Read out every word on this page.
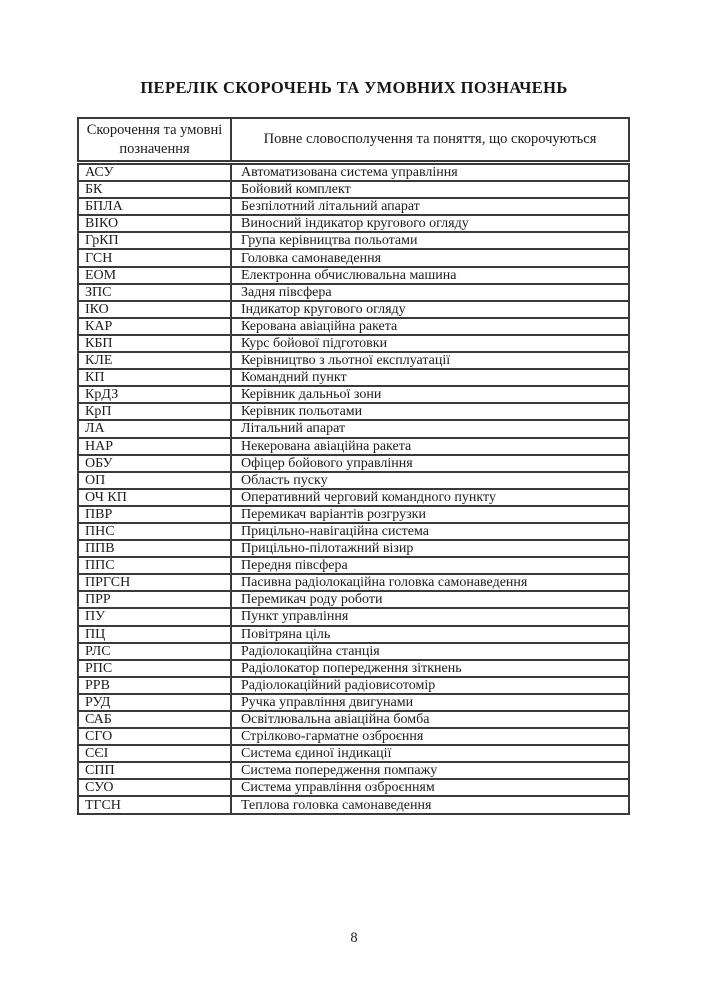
ПЕРЕЛІК СКОРОЧЕНЬ ТА УМОВНИХ ПОЗНАЧЕНЬ
Скорочення та умовні позначення	Повне словосполучення та поняття, що скорочуються
АСУ	Автоматизована система управління
БК	Бойовий комплект
БПЛА	Безпілотний літальний апарат
ВІКО	Виносний індикатор кругового огляду
ГрКП	Група керівництва польотами
ГСН	Головка самонаведення
ЕОМ	Електронна обчислювальна машина
ЗПС	Задня півсфера
ІКО	Індикатор кругового огляду
КАР	Керована авіаційна ракета
КБП	Курс бойової підготовки
КЛЕ	Керівництво з льотної експлуатації
КП	Командний пункт
КрДЗ	Керівник дальньої зони
КрП	Керівник польотами
ЛА	Літальний апарат
НАР	Некерована авіаційна ракета
ОБУ	Офіцер бойового управління
ОП	Область пуску
ОЧ КП	Оперативний черговий командного пункту
ПВР	Перемикач варіантів розгрузки
ПНС	Прицільно-навігаційна система
ППВ	Прицільно-пілотажний візир
ППС	Передня півсфера
ПРГСН	Пасивна радіолокаційна головка самонаведення
ПРР	Перемикач роду роботи
ПУ	Пункт управління
ПЦ	Повітряна ціль
РЛС	Радіолокаційна станція
РПС	Радіолокатор попередження зіткнень
РРВ	Радіолокаційний радіовисотомір
РУД	Ручка управління двигунами
САБ	Освітлювальна авіаційна бомба
СГО	Стрілково-гарматне озброєння
СЄІ	Система єдиної індикації
СПП	Система попередження помпажу
СУО	Система управління озброєнням
ТГСН	Теплова головка самонаведення
8
